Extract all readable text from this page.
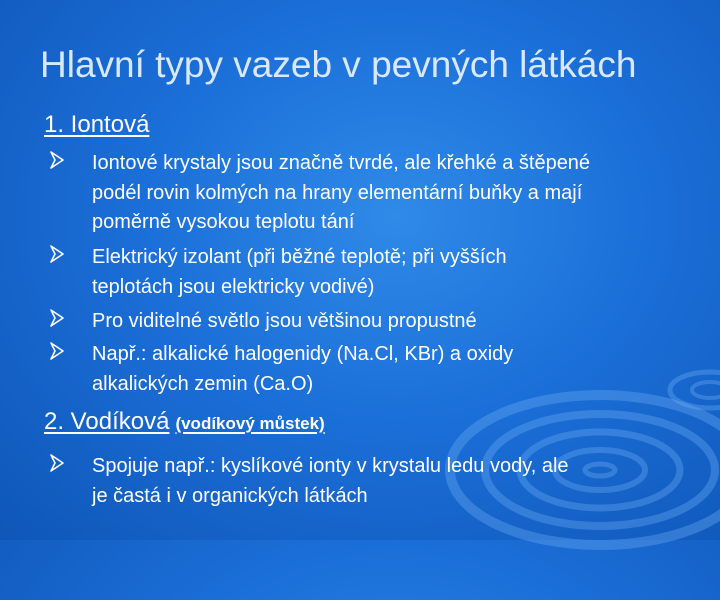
Hlavní typy vazeb v pevných látkách
1. Iontová
Iontové krystaly jsou značně tvrdé, ale křehké a štěpené
podél rovin kolmých na hrany elementární buňky a mají
poměrně vysokou teplotu tání
Elektrický izolant (při běžné teplotě; při vyšších
teplotách jsou elektricky vodivé)
Pro viditelné světlo jsou většinou propustné
Např.: alkalické halogenidy (Na.Cl, KBr) a oxidy
alkalických zemin (Ca.O)
2. Vodíková (vodíkový můstek)
Spojuje např.: kyslíkové ionty v krystalu ledu vody, ale
je častá i v organických látkách
